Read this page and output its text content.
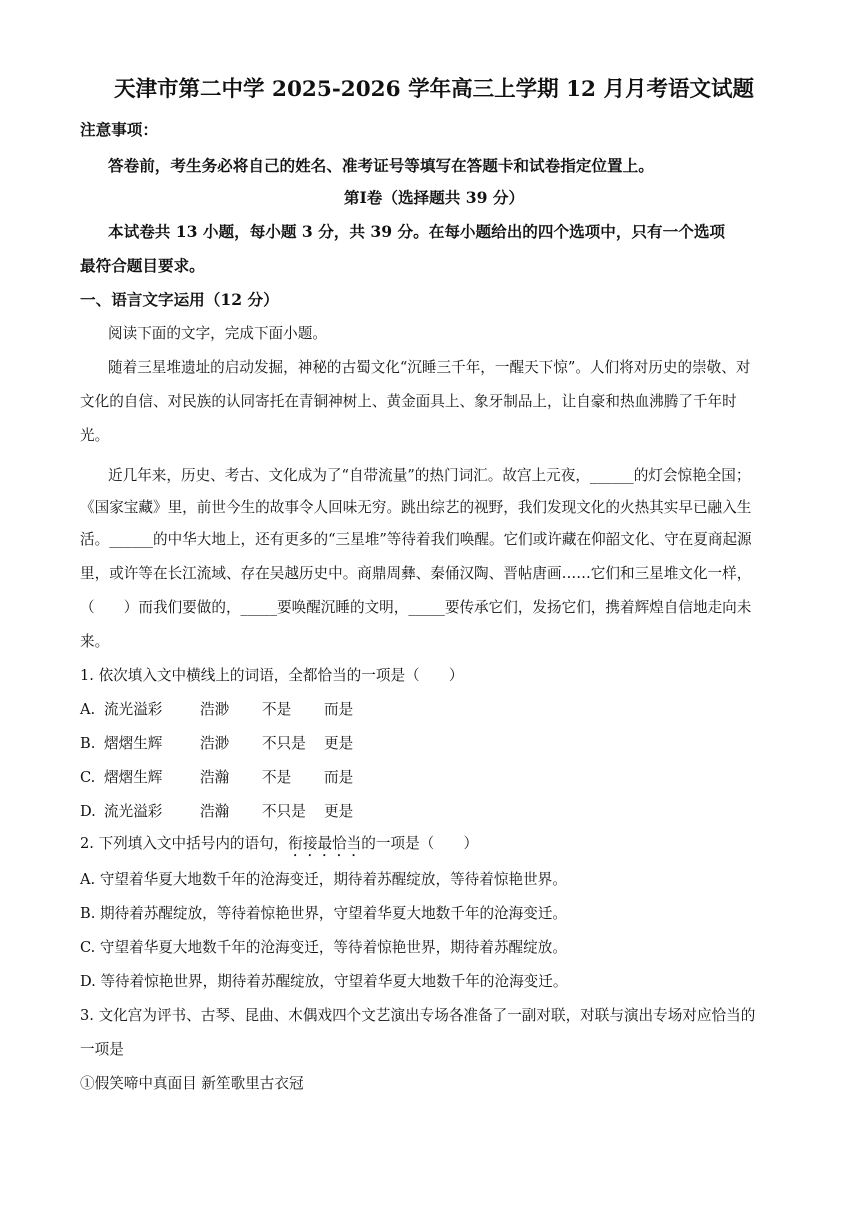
天津市第二中学 2025-2026 学年高三上学期 12 月月考语文试题
注意事项：
答卷前，考生务必将自己的姓名、准考证号等填写在答题卡和试卷指定位置上。
第Ⅰ卷（选择题共 39 分）
本试卷共 13 小题，每小题 3 分，共 39 分。在每小题给出的四个选项中，只有一个选项
最符合题目要求。
一、语言文字运用（12 分）
阅读下面的文字，完成下面小题。
随着三星堆遗址的启动发掘，神秘的古蜀文化“沉睡三千年，一醒天下惊”。人们将对历史的崇敬、对
文化的自信、对民族的认同寄托在青铜神树上、黄金面具上、象牙制品上，让自豪和热血沸腾了千年时
光。
近几年来，历史、考古、文化成为了“自带流量”的热门词汇。故宫上元夜，______的灯会惊艳全国；
《国家宝藏》里，前世今生的故事令人回味无穷。跳出综艺的视野，我们发现文化的火热其实早已融入生
活。______的中华大地上，还有更多的“三星堆”等待着我们唤醒。它们或许藏在仰韶文化、守在夏商起源
里，或许等在长江流域、存在吴越历史中。商鼎周彝、秦俑汉陶、晋帖唐画……它们和三星堆文化一样，
（　　）而我们要做的，_____要唤醒沉睡的文明，_____要传承它们，发扬它们，携着辉煌自信地走向未
来。
1. 依次填入文中横线上的词语，全都恰当的一项是（　　）
A. 流光溢彩	浩渺 不是 而是
B. 熠熠生辉	浩渺 不只是 更是
C. 熠熠生辉	浩瀚 不是 而是
D. 流光溢彩	浩瀚 不只是 更是
2. 下列填入文中括号内的语句，衔接最恰当的一项是（　　）
A. 守望着华夏大地数千年的沧海变迁，期待着苏醒绽放，等待着惊艳世界。
B. 期待着苏醒绽放，等待着惊艳世界，守望着华夏大地数千年的沧海变迁。
C. 守望着华夏大地数千年的沧海变迁，等待着惊艳世界，期待着苏醒绽放。
D. 等待着惊艳世界，期待着苏醒绽放，守望着华夏大地数千年的沧海变迁。
3. 文化宫为评书、古琴、昆曲、木偶戏四个文艺演出专场各准备了一副对联，对联与演出专场对应恰当的
一项是
①假笑啼中真面目 新笙歌里古衣冠
